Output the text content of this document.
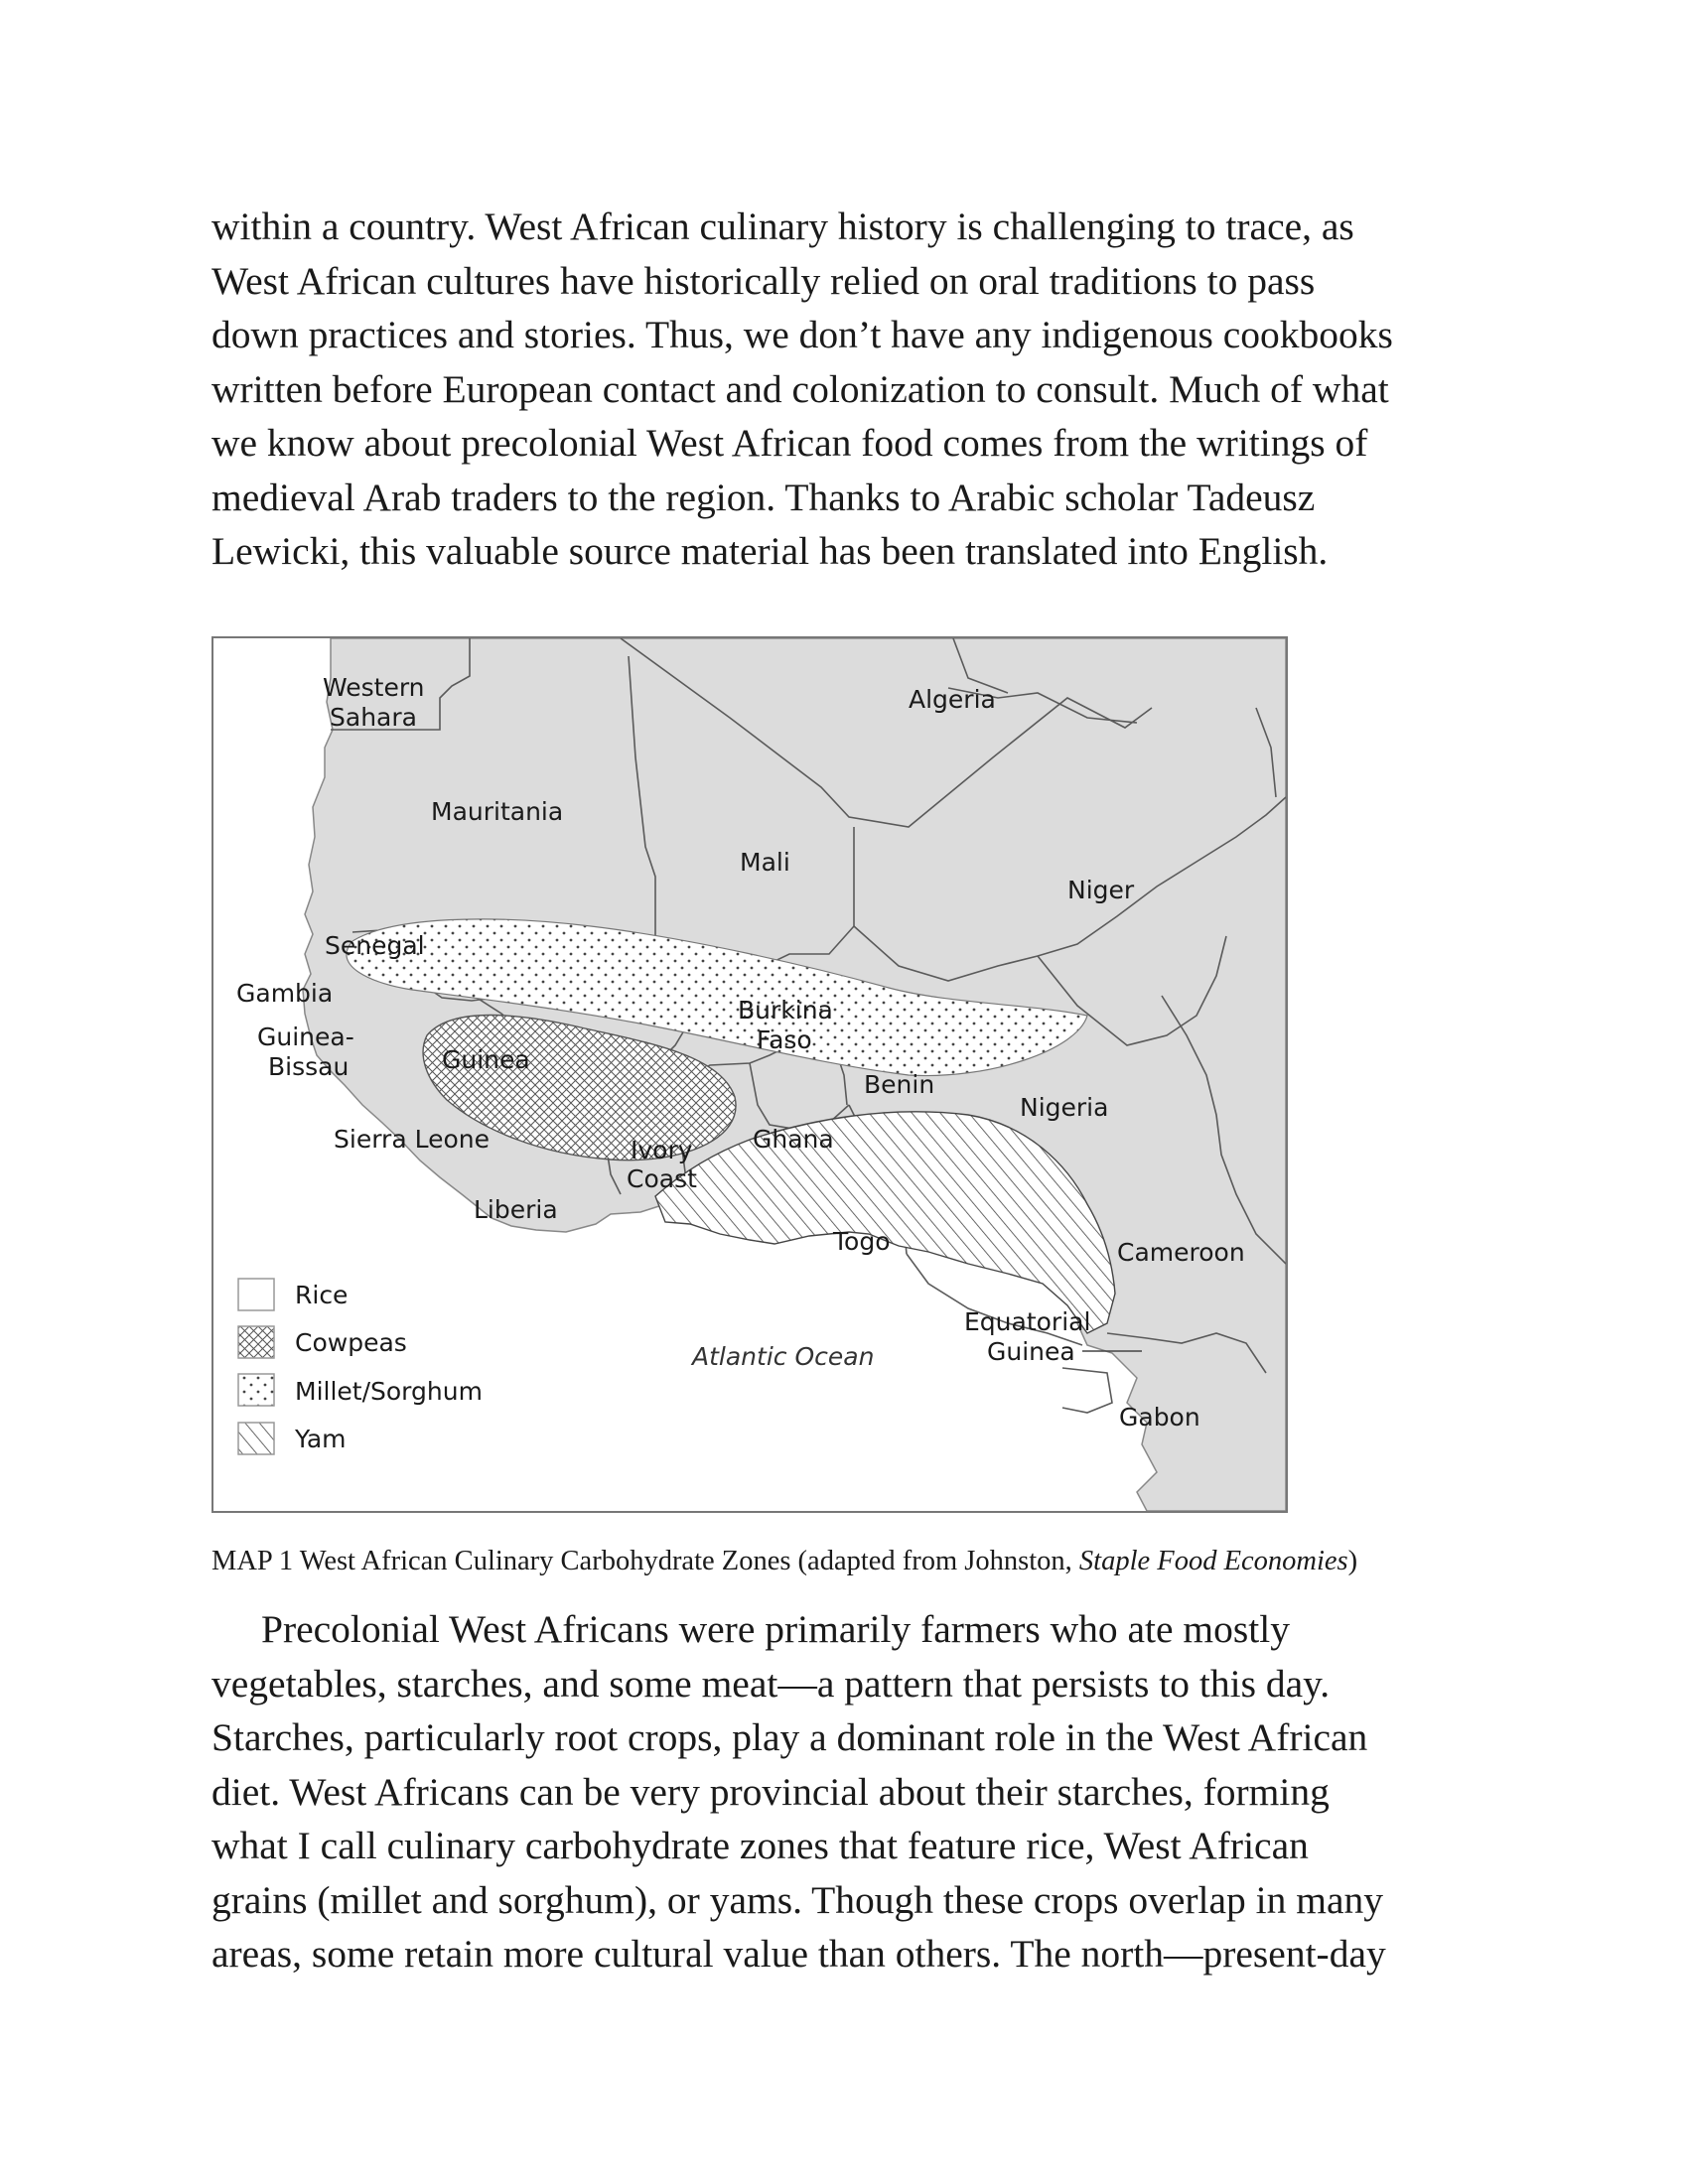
within a country. West African culinary history is challenging to trace, as
West African cultures have historically relied on oral traditions to pass
down practices and stories. Thus, we don’t have any indigenous cookbooks
written before European contact and colonization to consult. Much of what
we know about precolonial West African food comes from the writings of
medieval Arab traders to the region. Thanks to Arabic scholar Tadeusz
Lewicki, this valuable source material has been translated into English.

Western
Sahara
Algeria
Mauritania
Mali
Niger
Senegal
Gambia
Guinea-
Bissau	Guinea
Burkina
Faso
Benin
Nigeria
Sierra Leone	Ivory
Coast
Ghana
Liberia
Togo	Cameroon
Equatorial
Guinea
Gabon
Atlantic Ocean
Rice
Cowpeas
Millet/Sorghum
Yam
MAP 1 West African Culinary Carbohydrate Zones (adapted from Johnston, Staple Food Economies)

Precolonial West Africans were primarily farmers who ate mostly
vegetables, starches, and some meat—a pattern that persists to this day.
Starches, particularly root crops, play a dominant role in the West African
diet. West Africans can be very provincial about their starches, forming
what I call culinary carbohydrate zones that feature rice, West African
grains (millet and sorghum), or yams. Though these crops overlap in many
areas, some retain more cultural value than others. The north—present-day
